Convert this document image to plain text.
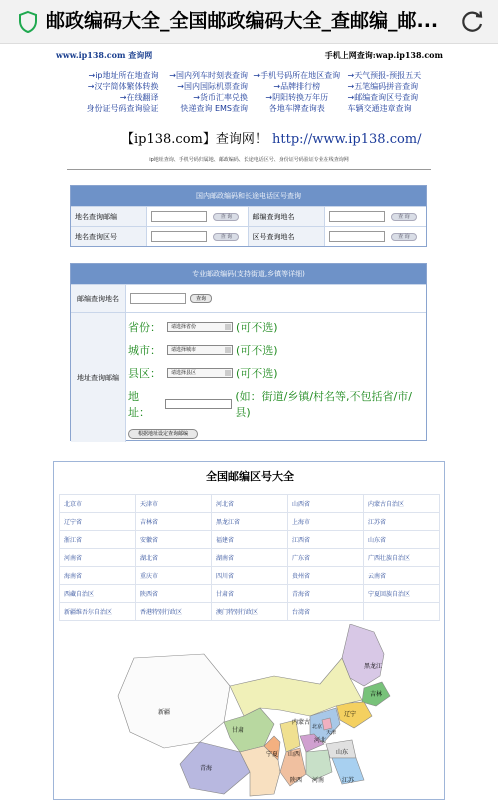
邮政编码大全_全国邮政编码大全_查邮编_邮...
www.ip138.com 查询网	手机上网查询:wap.ip138.com
→ip地址所在地查询	→国内列车时刻表查询 →手机号码所在地区查询 →天气预报-预报五天
→汉字简体繁体转换	→国内国际机票查询	→品牌排行榜	→五笔编码拼音查询
→在线翻译	→货币汇率兑换	→阴阳转换万年历	→邮编查询区号查询
身份证号码查询验证	快递查询 EMS查询	各地车牌查询表	车辆交通违章查询
【ip138.com】查询网！ http://www.ip138.com/
ip地址查询、手机号码归属地、邮政编码、长途电话区号、身份证号码验证专业在线查询网
国内邮政编码和长途电话区号查询
地名查询邮编	查 询	邮编查询地名	查 询
地名查询区号	查 询	区号查询地名	查 询
专业邮政编码(支持街道,乡镇等详细)
邮编查询地名	查询
地址查询邮编
省份：	请选择省份	(可不选)
城市：	请选择城市	(可不选)
县区：	请选择县区	(可不选)
地址：
(如：街道/乡镇/村名等,不包括省/市/县)
根据地址设定查询邮编
全国邮编区号大全
北京市	天津市	河北省	山西省	内蒙古自治区
辽宁省	吉林省	黑龙江省	上海市	江苏省
浙江省	安徽省	福建省	江西省	山东省
河南省	湖北省	湖南省	广东省	广西壮族自治区
海南省	重庆市	四川省	贵州省	云南省
西藏自治区	陕西省	甘肃省	青海省	宁夏回族自治区
新疆维吾尔自治区	香港特别行政区	澳门特别行政区	台湾省	
黑龙江
吉林
辽宁
新疆
内蒙古
北京
天津
河北
甘肃
宁夏 山西	山东
青海
陕西 河南	江苏
